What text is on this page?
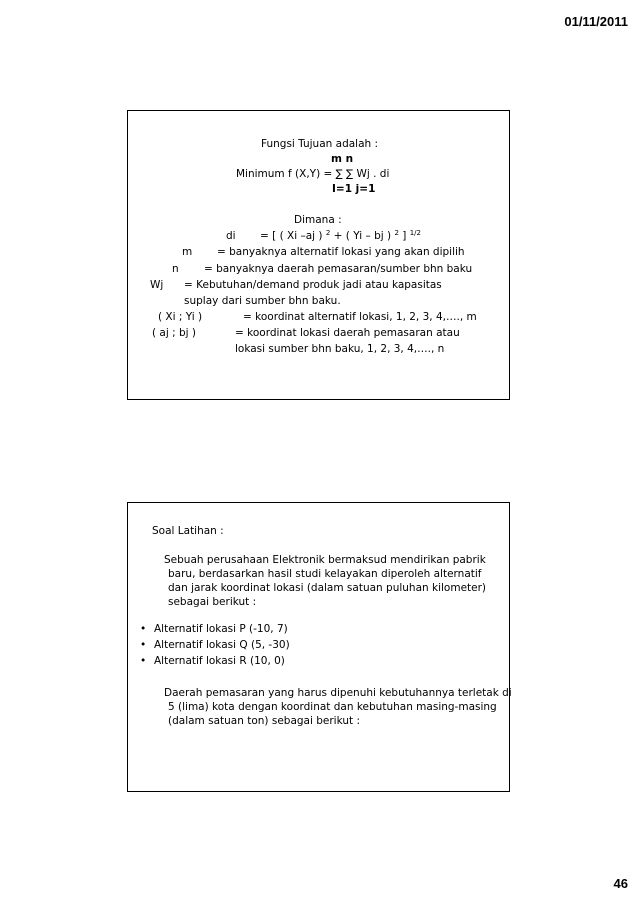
01/11/2011
Fungsi Tujuan adalah :
m n
Minimum f (X,Y) = ∑ ∑ Wj . di
I=1 j=1
Dimana :
di = [ ( Xi –aj ) $^2$ + ( Yi – bj ) $^2$ ] $^{1/2}$
m = banyaknya alternatif lokasi yang akan dipilih
n = banyaknya daerah pemasaran/sumber bhn baku
Wj = Kebutuhan/demand produk jadi atau kapasitas
suplay dari sumber bhn baku.
( Xi ; Yi )	= koordinat alternatif lokasi, 1, 2, 3, 4,…., m
( aj ; bj )	= koordinat lokasi daerah pemasaran atau
lokasi sumber bhn baku, 1, 2, 3, 4,…., n
Soal Latihan :
Sebuah perusahaan Elektronik bermaksud mendirikan pabrik baru, berdasarkan hasil studi kelayakan diperoleh alternatif dan jarak koordinat lokasi (dalam satuan puluhan kilometer) sebagai berikut :
• Alternatif lokasi P (-10, 7)
• Alternatif lokasi Q (5, -30)
• Alternatif lokasi R (10, 0)
Daerah pemasaran yang harus dipenuhi kebutuhannya terletak di 5 (lima) kota dengan koordinat dan kebutuhan masing-masing (dalam satuan ton) sebagai berikut :
46
